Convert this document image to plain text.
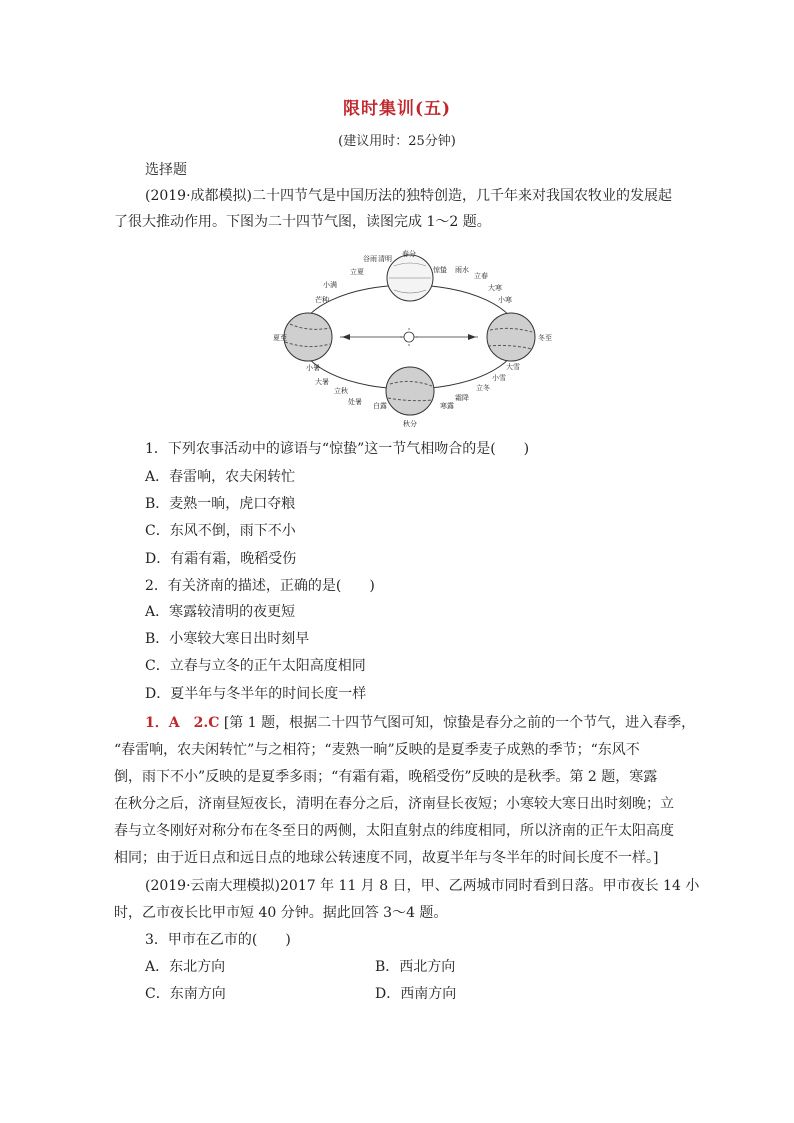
限时集训(五)
(建议用时：25分钟)
选择题
(2019·成都模拟)二十四节气是中国历法的独特创造，几千年来对我国农牧业的发展起
了很大推动作用。下图为二十四节气图，读图完成 1～2 题。
春分
谷雨 清明
立夏
小满
芒种
惊蛰 雨水
立春
大寒
小寒
夏至	冬至
小暑
大暑
立秋
处暑 白露
秋分
寒露
霜降
立冬
小雪
大雪
1．下列农事活动中的谚语与“惊蛰”这一节气相吻合的是(　　)
A．春雷响，农夫闲转忙
B．麦熟一晌，虎口夺粮
C．东风不倒，雨下不小
D．有霜有霜，晚稻受伤
2．有关济南的描述，正确的是(　　)
A．寒露较清明的夜更短
B．小寒较大寒日出时刻早
C．立春与立冬的正午太阳高度相同
D．夏半年与冬半年的时间长度一样
1．A　2.C [第 1 题，根据二十四节气图可知，惊蛰是春分之前的一个节气，进入春季，
“春雷响，农夫闲转忙”与之相符；“麦熟一晌”反映的是夏季麦子成熟的季节；“东风不
倒，雨下不小”反映的是夏季多雨；“有霜有霜，晚稻受伤”反映的是秋季。第 2 题，寒露
在秋分之后，济南昼短夜长，清明在春分之后，济南昼长夜短；小寒较大寒日出时刻晚；立
春与立冬刚好对称分布在冬至日的两侧，太阳直射点的纬度相同，所以济南的正午太阳高度
相同；由于近日点和远日点的地球公转速度不同，故夏半年与冬半年的时间长度不一样。]
(2019·云南大理模拟)2017 年 11 月 8 日，甲、乙两城市同时看到日落。甲市夜长 14 小
时，乙市夜长比甲市短 40 分钟。据此回答 3～4 题。
3．甲市在乙市的(　　)
A．东北方向	B．西北方向
C．东南方向	D．西南方向
